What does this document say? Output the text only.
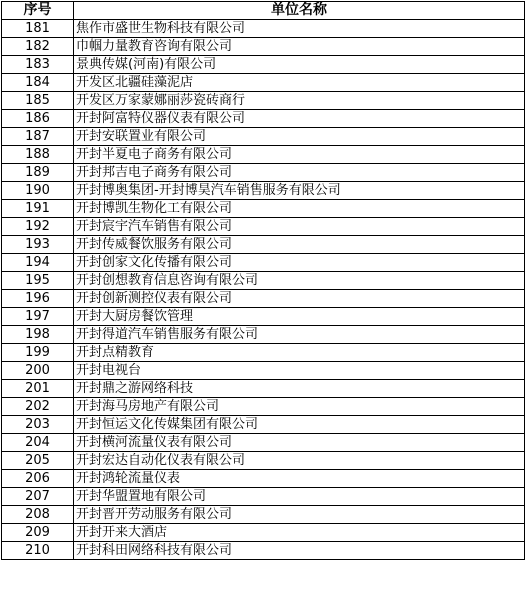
序号	单位名称
181	焦作市盛世生物科技有限公司
182	巾帼力量教育咨询有限公司
183	景典传媒(河南)有限公司
184	开发区北疆硅藻泥店
185	开发区万家蒙娜丽莎瓷砖商行
186	开封阿富特仪器仪表有限公司
187	开封安联置业有限公司
188	开封半夏电子商务有限公司
189	开封邦吉电子商务有限公司
190	开封博奥集团-开封博昊汽车销售服务有限公司
191	开封博凯生物化工有限公司
192	开封宸宇汽车销售有限公司
193	开封传威餐饮服务有限公司
194	开封创家文化传播有限公司
195	开封创想教育信息咨询有限公司
196	开封创新测控仪表有限公司
197	开封大厨房餐饮管理
198	开封得道汽车销售服务有限公司
199	开封点精教育
200	开封电视台
201	开封鼎之游网络科技
202	开封海马房地产有限公司
203	开封恒运文化传媒集团有限公司
204	开封横河流量仪表有限公司
205	开封宏达自动化仪表有限公司
206	开封鸿轮流量仪表
207	开封华盟置地有限公司
208	开封晋开劳动服务有限公司
209	开封开来大酒店
210	开封科田网络科技有限公司
